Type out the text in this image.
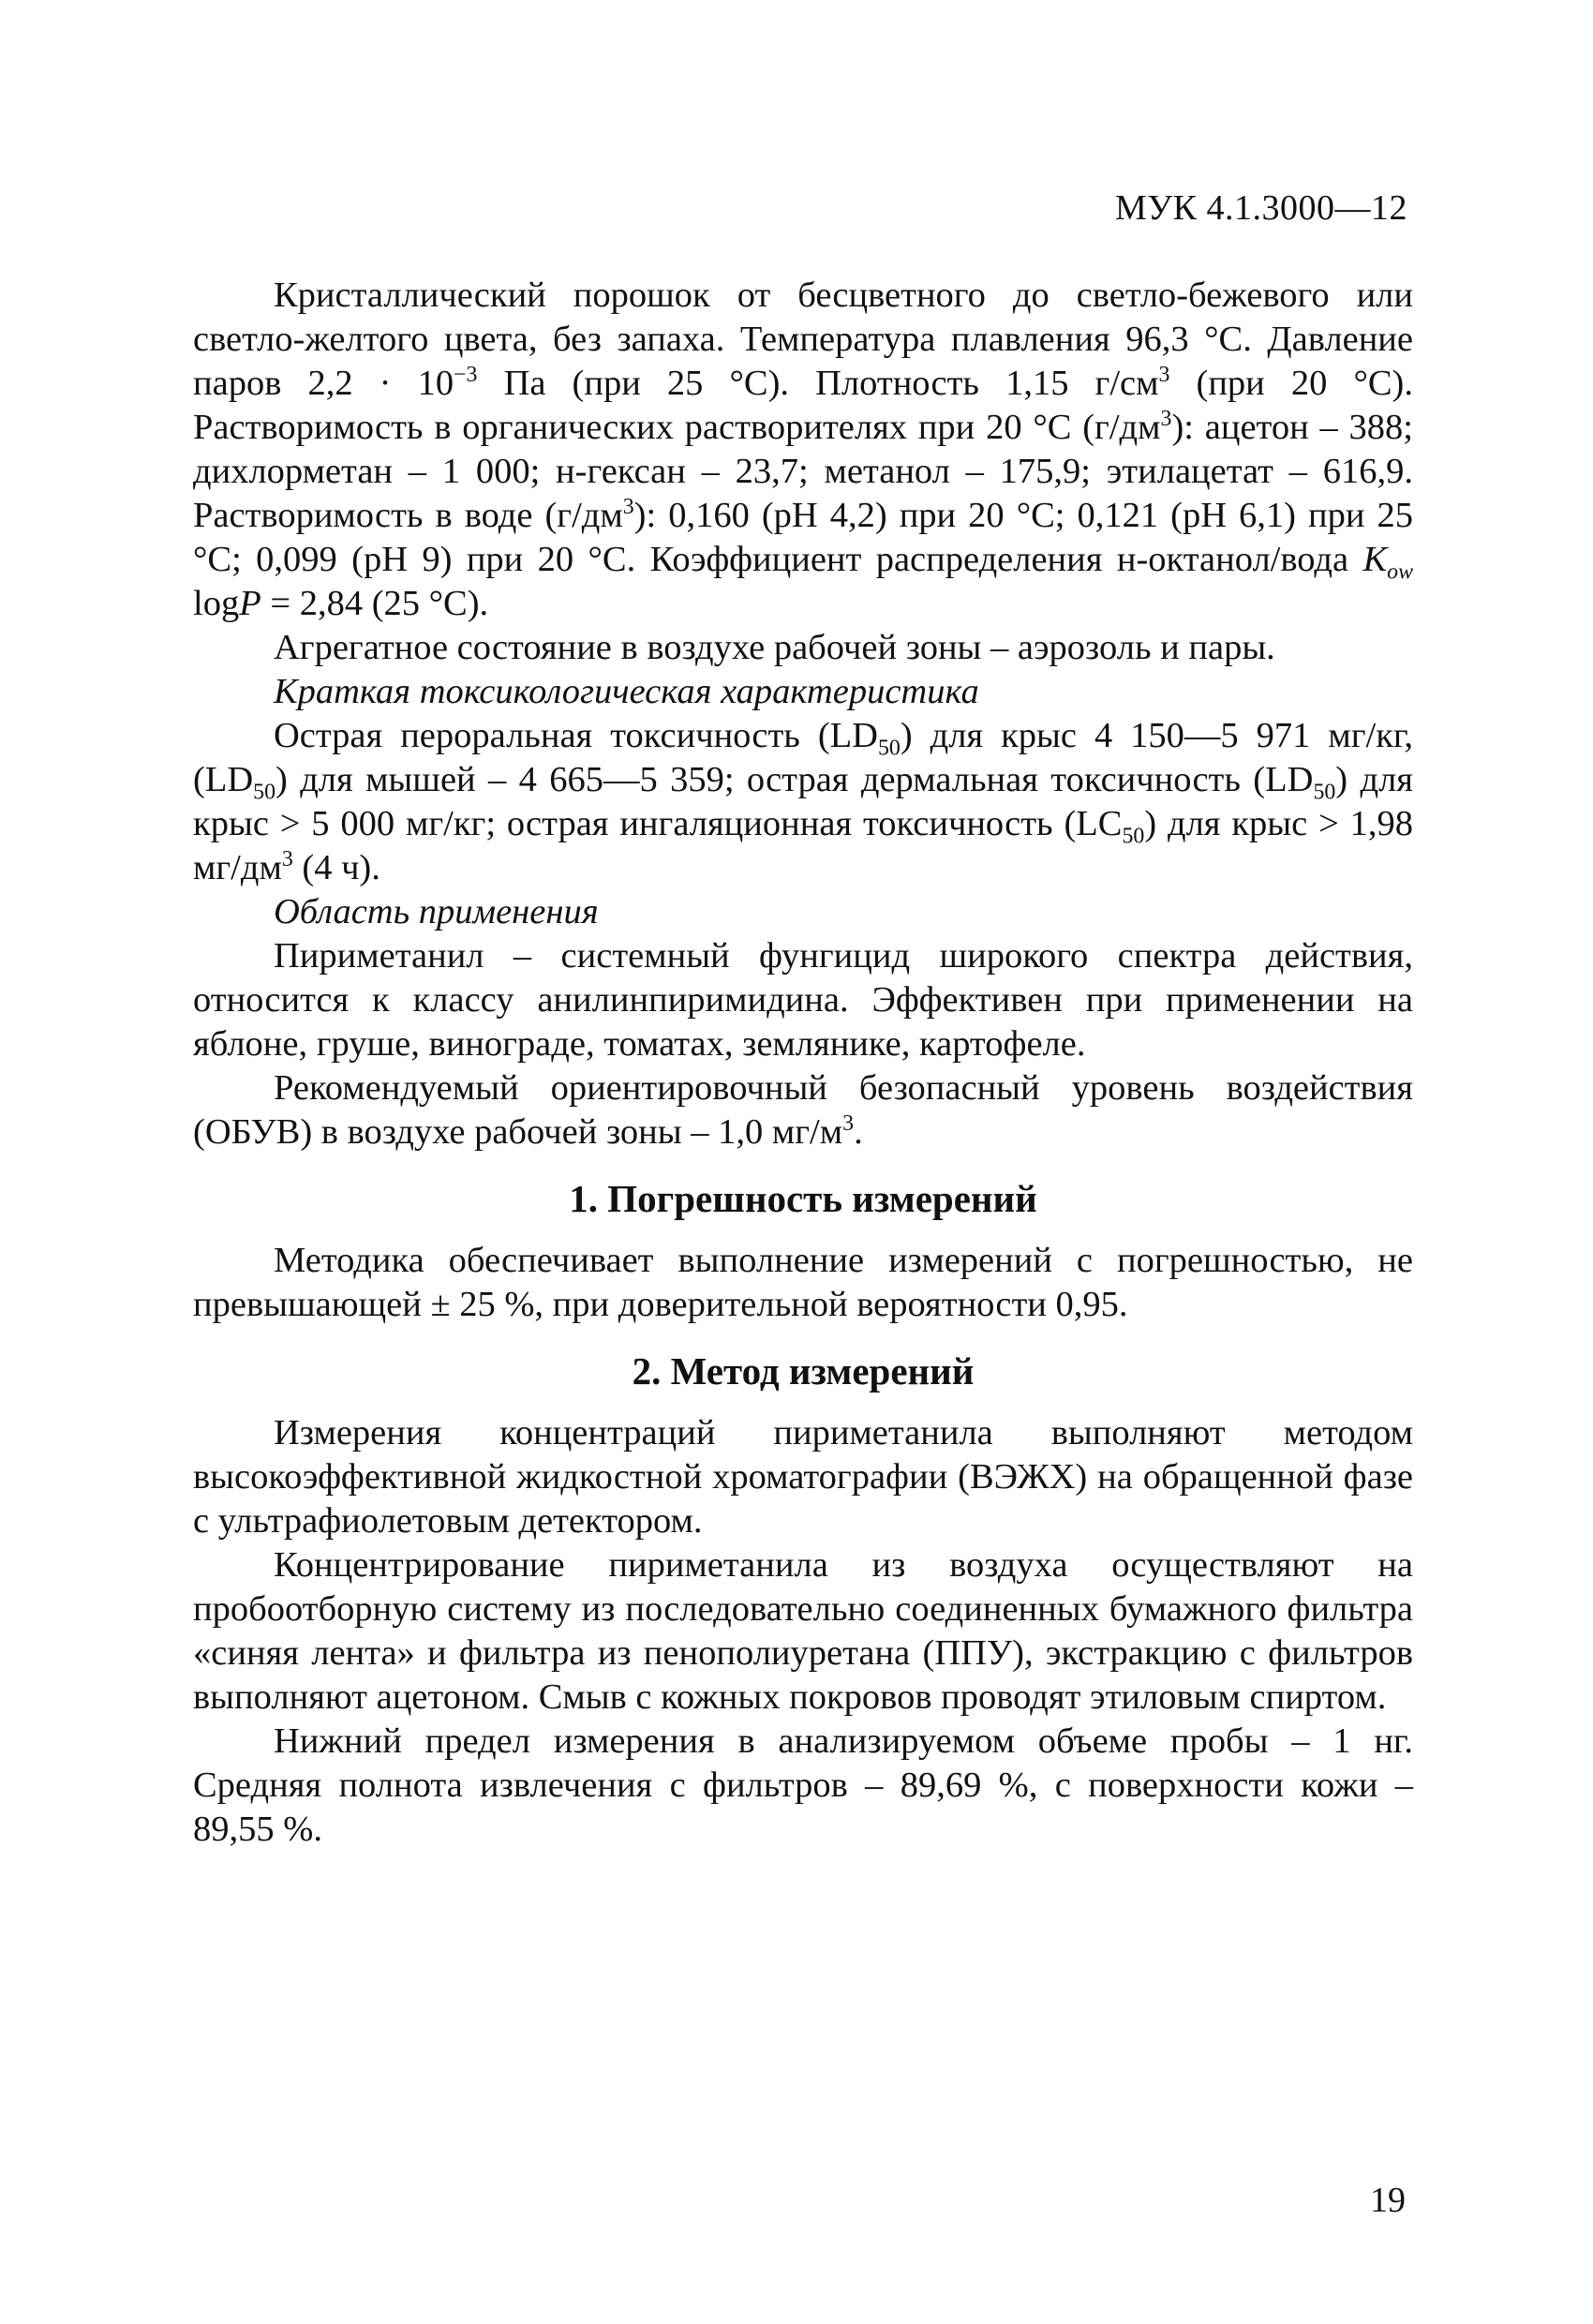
МУК 4.1.3000—12

Кристаллический порошок от бесцветного до светло-бежевого или светло-желтого цвета, без запаха. Температура плавления 96,3 °С. Давление паров $2,2 \cdot 10^{-3}$ Па (при 25 °С). Плотность 1,15 $г/см^3$ (при 20 °С). Растворимость в органических растворителях при 20 °С $(г/дм^3)$: ацетон – 388; дихлорметан – 1 000; н-гексан – 23,7; метанол – 175,9; этилацетат – 616,9. Растворимость в воде $(г/дм^3)$: 0,160 (pH 4,2) при 20 °С; 0,121 (pH 6,1) при 25 °С; 0,099 (pH 9) при 20 °С. Коэффициент распределения н-октанол/вода $K_{ow}$ logP = 2,84 (25 °С).

Агрегатное состояние в воздухе рабочей зоны – аэрозоль и пары.

Краткая токсикологическая характеристика

Острая пероральная токсичность $(LD_{50})$ для крыс 4 150—5 971 мг/кг, $(LD_{50})$ для мышей – 4 665—5 359; острая дермальная токсичность $(LD_{50})$ для крыс > 5 000 мг/кг; острая ингаляционная токсичность $(LC_{50})$ для крыс > 1,98 $мг/дм^3$ (4 ч).

Область применения

Пириметанил – системный фунгицид широкого спектра действия, относится к классу анилинпиримидина. Эффективен при применении на яблоне, груше, винограде, томатах, землянике, картофеле.

Рекомендуемый ориентировочный безопасный уровень воздействия (ОБУВ) в воздухе рабочей зоны – 1,0 $мг/м^3$.

1. Погрешность измерений

Методика обеспечивает выполнение измерений с погрешностью, не превышающей ± 25 %, при доверительной вероятности 0,95.

2. Метод измерений

Измерения концентраций пириметанила выполняют методом высокоэффективной жидкостной хроматографии (ВЭЖХ) на обращенной фазе с ультрафиолетовым детектором.

Концентрирование пириметанила из воздуха осуществляют на пробоотборную систему из последовательно соединенных бумажного фильтра «синяя лента» и фильтра из пенополиуретана (ППУ), экстракцию с фильтров выполняют ацетоном. Смыв с кожных покровов проводят этиловым спиртом.

Нижний предел измерения в анализируемом объеме пробы – 1 нг. Средняя полнота извлечения с фильтров – 89,69 %, с поверхности кожи – 89,55 %.

19
